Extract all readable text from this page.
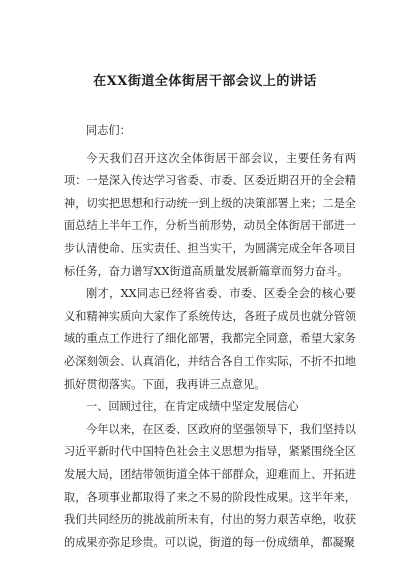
在XX街道全体街居干部会议上的讲话

同志们：

今天我们召开这次全体街居干部会议，主要任务有两项：一是深入传达学习省委、市委、区委近期召开的全会精神，切实把思想和行动统一到上级的决策部署上来；二是全面总结上半年工作，分析当前形势，动员全体街居干部进一步认清使命、压实责任、担当实干，为圆满完成全年各项目标任务，奋力谱写XX街道高质量发展新篇章而努力奋斗。

刚才，XX同志已经将省委、市委、区委全会的核心要义和精神实质向大家作了系统传达，各班子成员也就分管领域的重点工作进行了细化部署，我都完全同意，希望大家务必深刻领会、认真消化，并结合各自工作实际，不折不扣地抓好贯彻落实。下面，我再讲三点意见。

一、回顾过往，在肯定成绩中坚定发展信心

今年以来，在区委、区政府的坚强领导下，我们坚持以习近平新时代中国特色社会主义思想为指导，紧紧围绕全区发展大局，团结带领街道全体干部群众，迎难而上、开拓进取，各项事业都取得了来之不易的阶段性成果。这半年来，我们共同经历的挑战前所未有，付出的努力艰苦卓绝，收获的成果亦弥足珍贵。可以说，街道的每一份成绩单，都凝聚
